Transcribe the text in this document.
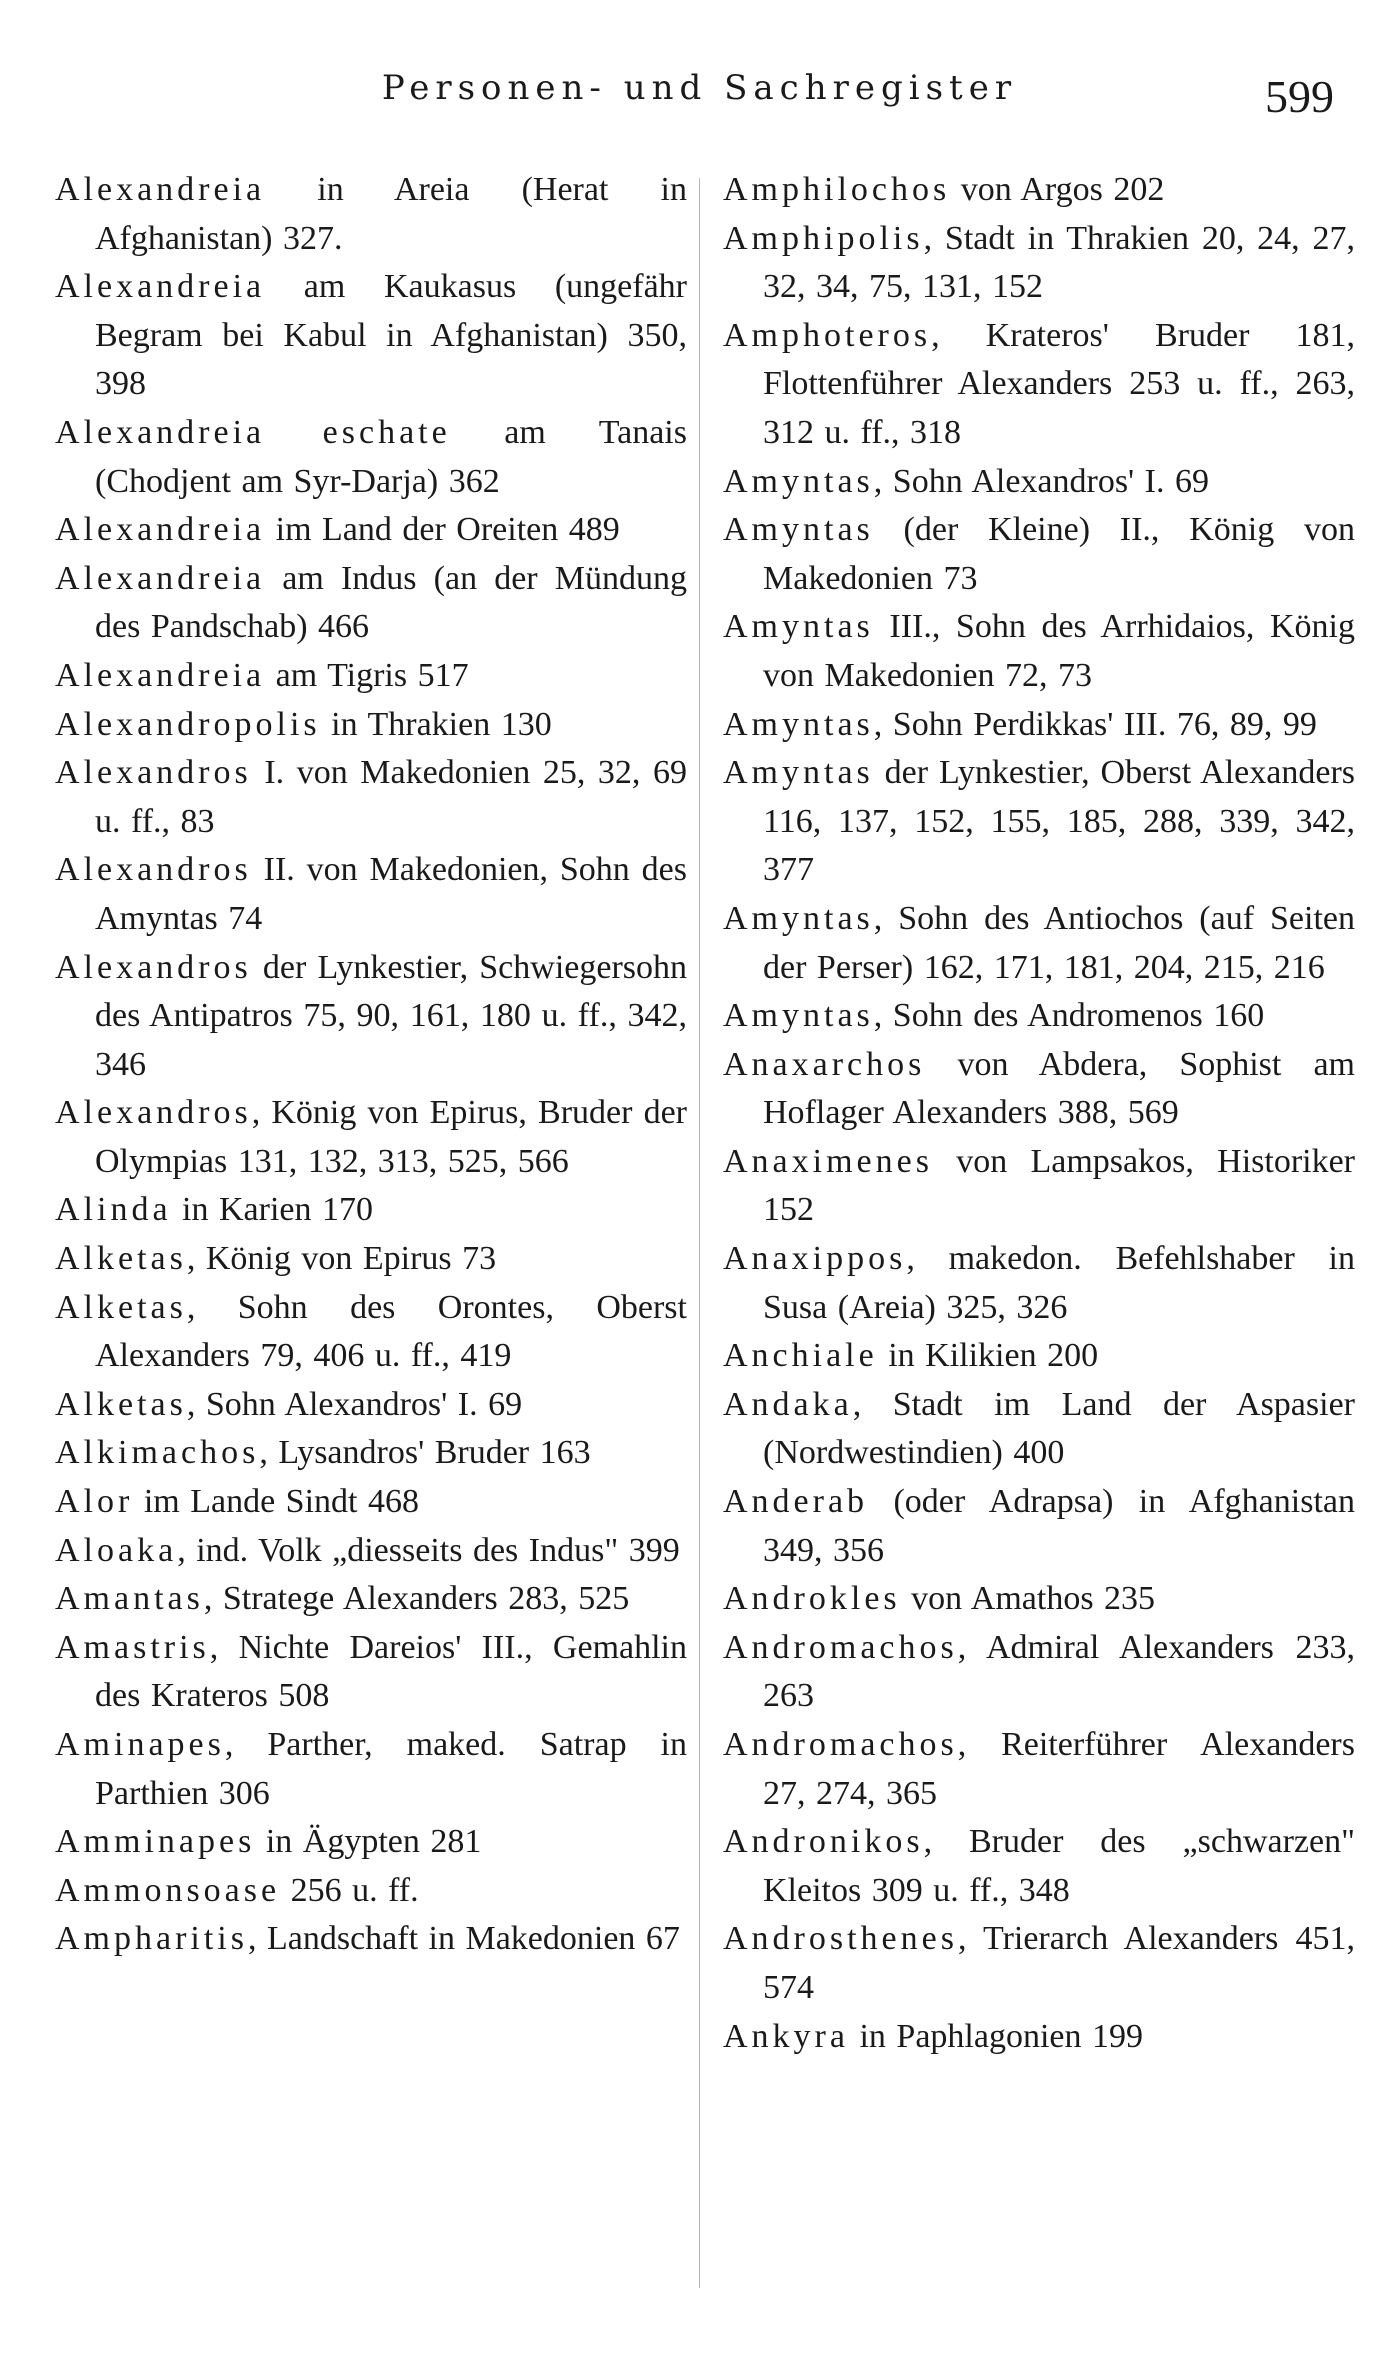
Personen- und Sachregister	599
Alexandreia in Areia (Herat in Afghanistan) 327.
Alexandreia am Kaukasus (ungefähr Begram bei Kabul in Afghanistan) 350, 398
Alexandreia eschate am Tanais (Chodjent am Syr-Darja) 362
Alexandreia im Land der Oreiten 489
Alexandreia am Indus (an der Mündung des Pandschab) 466
Alexandreia am Tigris 517
Alexandropolis in Thrakien 130
Alexandros I. von Makedonien 25, 32, 69 u. ff., 83
Alexandros II. von Makedonien, Sohn des Amyntas 74
Alexandros der Lynkestier, Schwiegersohn des Antipatros 75, 90, 161, 180 u. ff., 342, 346
Alexandros, König von Epirus, Bruder der Olympias 131, 132, 313, 525, 566
Alinda in Karien 170
Alketas, König von Epirus 73
Alketas, Sohn des Orontes, Oberst Alexanders 79, 406 u. ff., 419
Alketas, Sohn Alexandros' I. 69
Alkimachos, Lysandros' Bruder 163
Alor im Lande Sindt 468
Aloaka, ind. Volk „diesseits des Indus" 399
Amantas, Stratege Alexanders 283, 525
Amastris, Nichte Dareios' III., Gemahlin des Krateros 508
Aminapes, Parther, maked. Satrap in Parthien 306
Amminapes in Ägypten 281
Ammonsoase 256 u. ff.
Ampharitis, Landschaft in Makedonien 67
Amphilochos von Argos 202
Amphipolis, Stadt in Thrakien 20, 24, 27, 32, 34, 75, 131, 152
Amphoteros, Krateros' Bruder 181, Flottenführer Alexanders 253 u. ff., 263, 312 u. ff., 318
Amyntas, Sohn Alexandros' I. 69
Amyntas (der Kleine) II., König von Makedonien 73
Amyntas III., Sohn des Arrhidaios, König von Makedonien 72, 73
Amyntas, Sohn Perdikkas' III. 76, 89, 99
Amyntas der Lynkestier, Oberst Alexanders 116, 137, 152, 155, 185, 288, 339, 342, 377
Amyntas, Sohn des Antiochos (auf Seiten der Perser) 162, 171, 181, 204, 215, 216
Amyntas, Sohn des Andromenos 160
Anaxarchos von Abdera, Sophist am Hoflager Alexanders 388, 569
Anaximenes von Lampsakos, Historiker 152
Anaxippos, makedon. Befehlshaber in Susa (Areia) 325, 326
Anchiale in Kilikien 200
Andaka, Stadt im Land der Aspasier (Nordwestindien) 400
Anderab (oder Adrapsa) in Afghanistan 349, 356
Androkles von Amathos 235
Andromachos, Admiral Alexanders 233, 263
Andromachos, Reiterführer Alexanders 27, 274, 365
Andronikos, Bruder des „schwarzen" Kleitos 309 u. ff., 348
Androsthenes, Trierarch Alexanders 451, 574
Ankyra in Paphlagonien 199
